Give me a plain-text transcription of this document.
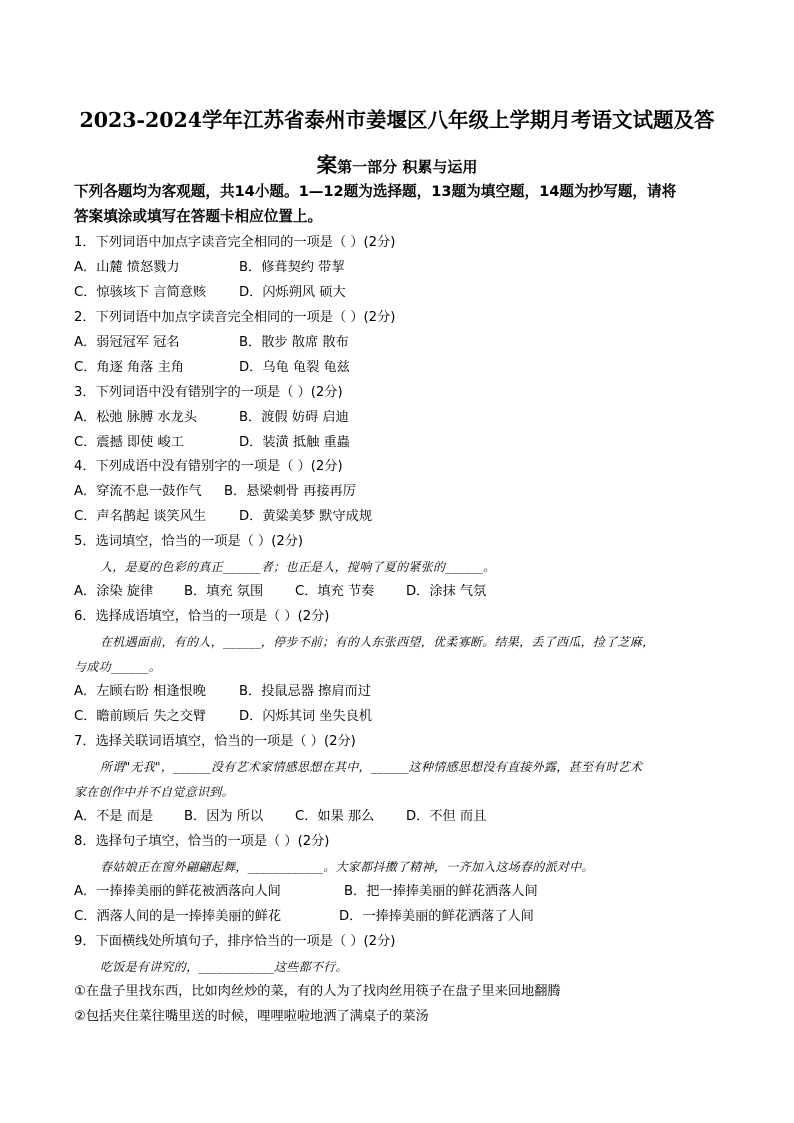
2023-2024学年江苏省泰州市姜堰区八年级上学期月考语文试题及答
案第一部分 积累与运用
下列各题均为客观题，共14小题。1—12题为选择题，13题为填空题，14题为抄写题，请将
答案填涂或填写在答题卡相应位置上。
1．下列词语中加点字读音完全相同的一项是（ ）(2分)
A．山麓 愤怒戮力	B．修葺契约 带挈
C．惊骇垓下 言简意赅 D．闪烁朔风 硕大
2．下列词语中加点字读音完全相同的一项是（ ）(2分)
A．弱冠冠军 冠名	B．散步 散席 散布
C．角逐 角落 主角	D．乌龟 龟裂 龟兹
3．下列词语中没有错别字的一项是（ ）(2分)
A．松弛 脉膊 水龙头	B．渡假 妨碍 启迪
C．震撼 即使 峻工	D．装潢 抵触 重蟲
4．下列成语中没有错别字的一项是（ ）(2分)
A．穿流不息一鼓作气 B．悬梁刺骨 再接再厉
C．声名鹊起 谈笑风生 D．黄粱美梦 默守成规
5．选词填空，恰当的一项是（ ）(2分)
人，是夏的色彩的真正______者；也正是人，搅响了夏的紧张的______。
A．涂染 旋律 B．填充 氛围 C．填充 节奏 D．涂抹 气氛
6．选择成语填空，恰当的一项是（ ）(2分)
在机遇面前，有的人，______，停步不前；有的人东张西望，优柔寡断。结果，丢了西瓜，捡了芝麻，
与成功______。
A．左顾右盼 相逢恨晚	B．投鼠忌器 擦肩而过
C．瞻前顾后 失之交臂 D．闪烁其词 坐失良机
7．选择关联词语填空，恰当的一项是（ ）(2分)
所谓"无我"，______没有艺术家情感思想在其中，______这种情感思想没有直接外露，甚至有时艺术
家在创作中并不自觉意识到。
A．不是 而是 B．因为 所以 C．如果 那么 D．不但 而且
8．选择句子填空，恰当的一项是（ ）(2分)
春姑娘正在窗外翩翩起舞，____________。大家都抖擞了精神，一齐加入这场春的派对中。
A．一捧捧美丽的鲜花被洒落向人间	B．把一捧捧美丽的鲜花洒落人间
C．洒落人间的是一捧捧美丽的鲜花	D．一捧捧美丽的鲜花洒落了人间
9．下面横线处所填句子，排序恰当的一项是（ ）(2分)
吃饭是有讲究的，____________这些都不行。
①在盘子里找东西，比如肉丝炒的菜，有的人为了找肉丝用筷子在盘子里来回地翻腾
②包括夹住菜往嘴里送的时候，哩哩啦啦地洒了满桌子的菜汤
